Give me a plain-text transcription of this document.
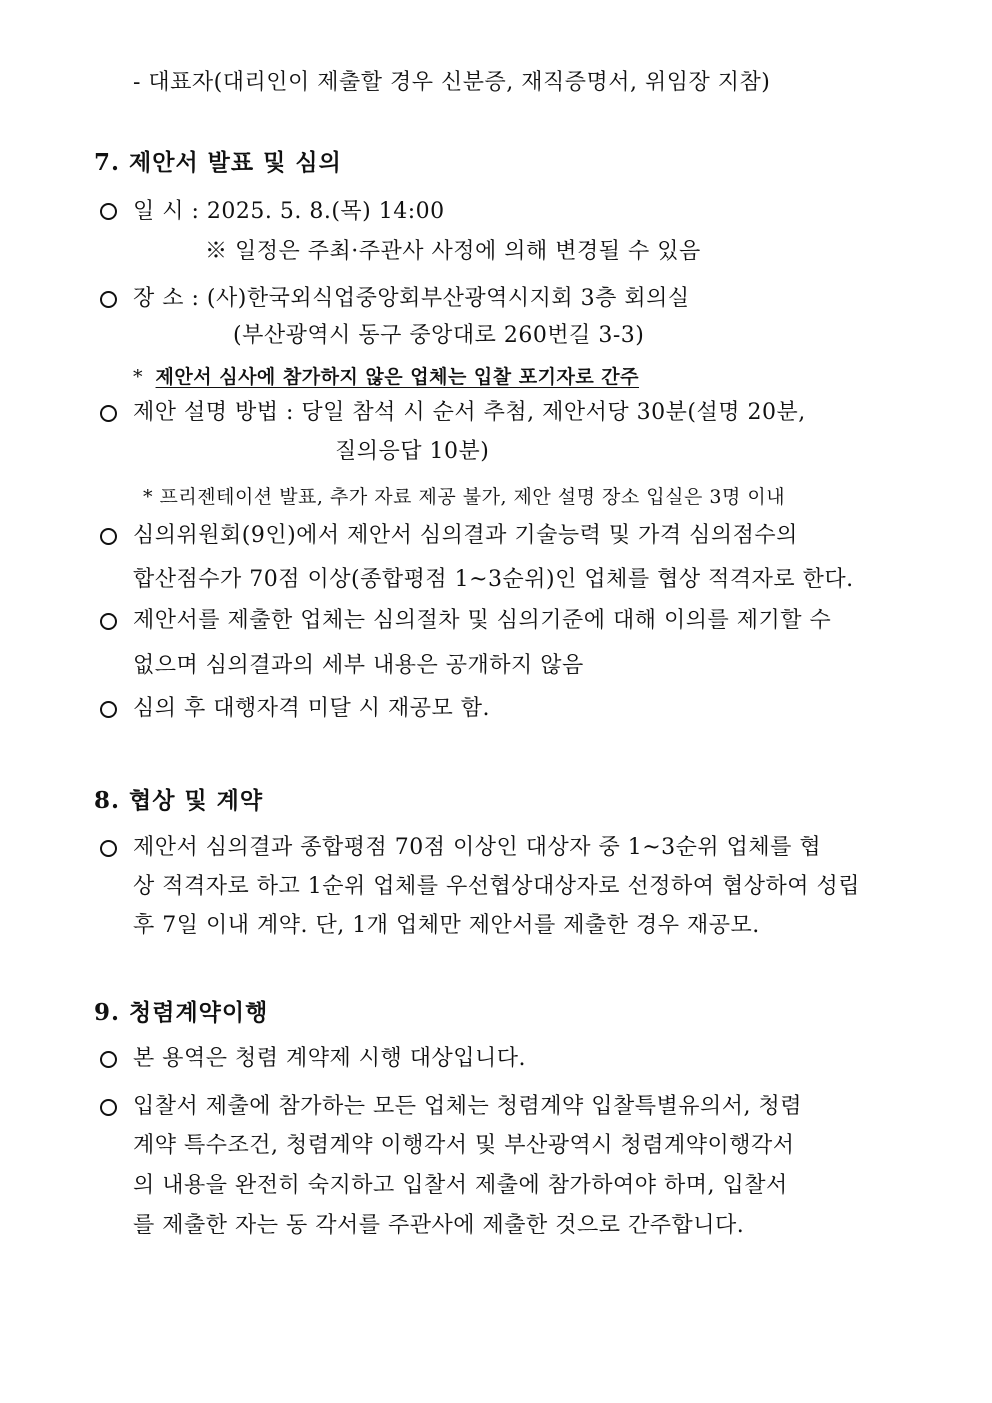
- 대표자(대리인이 제출할 경우 신분증, 재직증명서, 위임장 지참)
7. 제안서 발표 및 심의
일 시 : 2025. 5. 8.(목) 14:00
※ 일정은 주최·주관사 사정에 의해 변경될 수 있음
장 소 : (사)한국외식업중앙회부산광역시지회 3층 회의실
(부산광역시 동구 중앙대로 260번길 3-3)
* 제안서 심사에 참가하지 않은 업체는 입찰 포기자로 간주
제안 설명 방법 : 당일 참석 시 순서 추첨, 제안서당 30분(설명 20분,
질의응답 10분)
* 프리젠테이션 발표, 추가 자료 제공 불가, 제안 설명 장소 입실은 3명 이내
심의위원회(9인)에서 제안서 심의결과 기술능력 및 가격 심의점수의
합산점수가 70점 이상(종합평점 1~3순위)인 업체를 협상 적격자로 한다.
제안서를 제출한 업체는 심의절차 및 심의기준에 대해 이의를 제기할 수
없으며 심의결과의 세부 내용은 공개하지 않음
심의 후 대행자격 미달 시 재공모 함.
8. 협상 및 계약
제안서 심의결과 종합평점 70점 이상인 대상자 중 1~3순위 업체를 협
상 적격자로 하고 1순위 업체를 우선협상대상자로 선정하여 협상하여 성립
후 7일 이내 계약. 단, 1개 업체만 제안서를 제출한 경우 재공모.
9. 청렴계약이행
본 용역은 청렴 계약제 시행 대상입니다.
입찰서 제출에 참가하는 모든 업체는 청렴계약 입찰특별유의서, 청렴
계약 특수조건, 청렴계약 이행각서 및 부산광역시 청렴계약이행각서
의 내용을 완전히 숙지하고 입찰서 제출에 참가하여야 하며, 입찰서
를 제출한 자는 동 각서를 주관사에 제출한 것으로 간주합니다.
